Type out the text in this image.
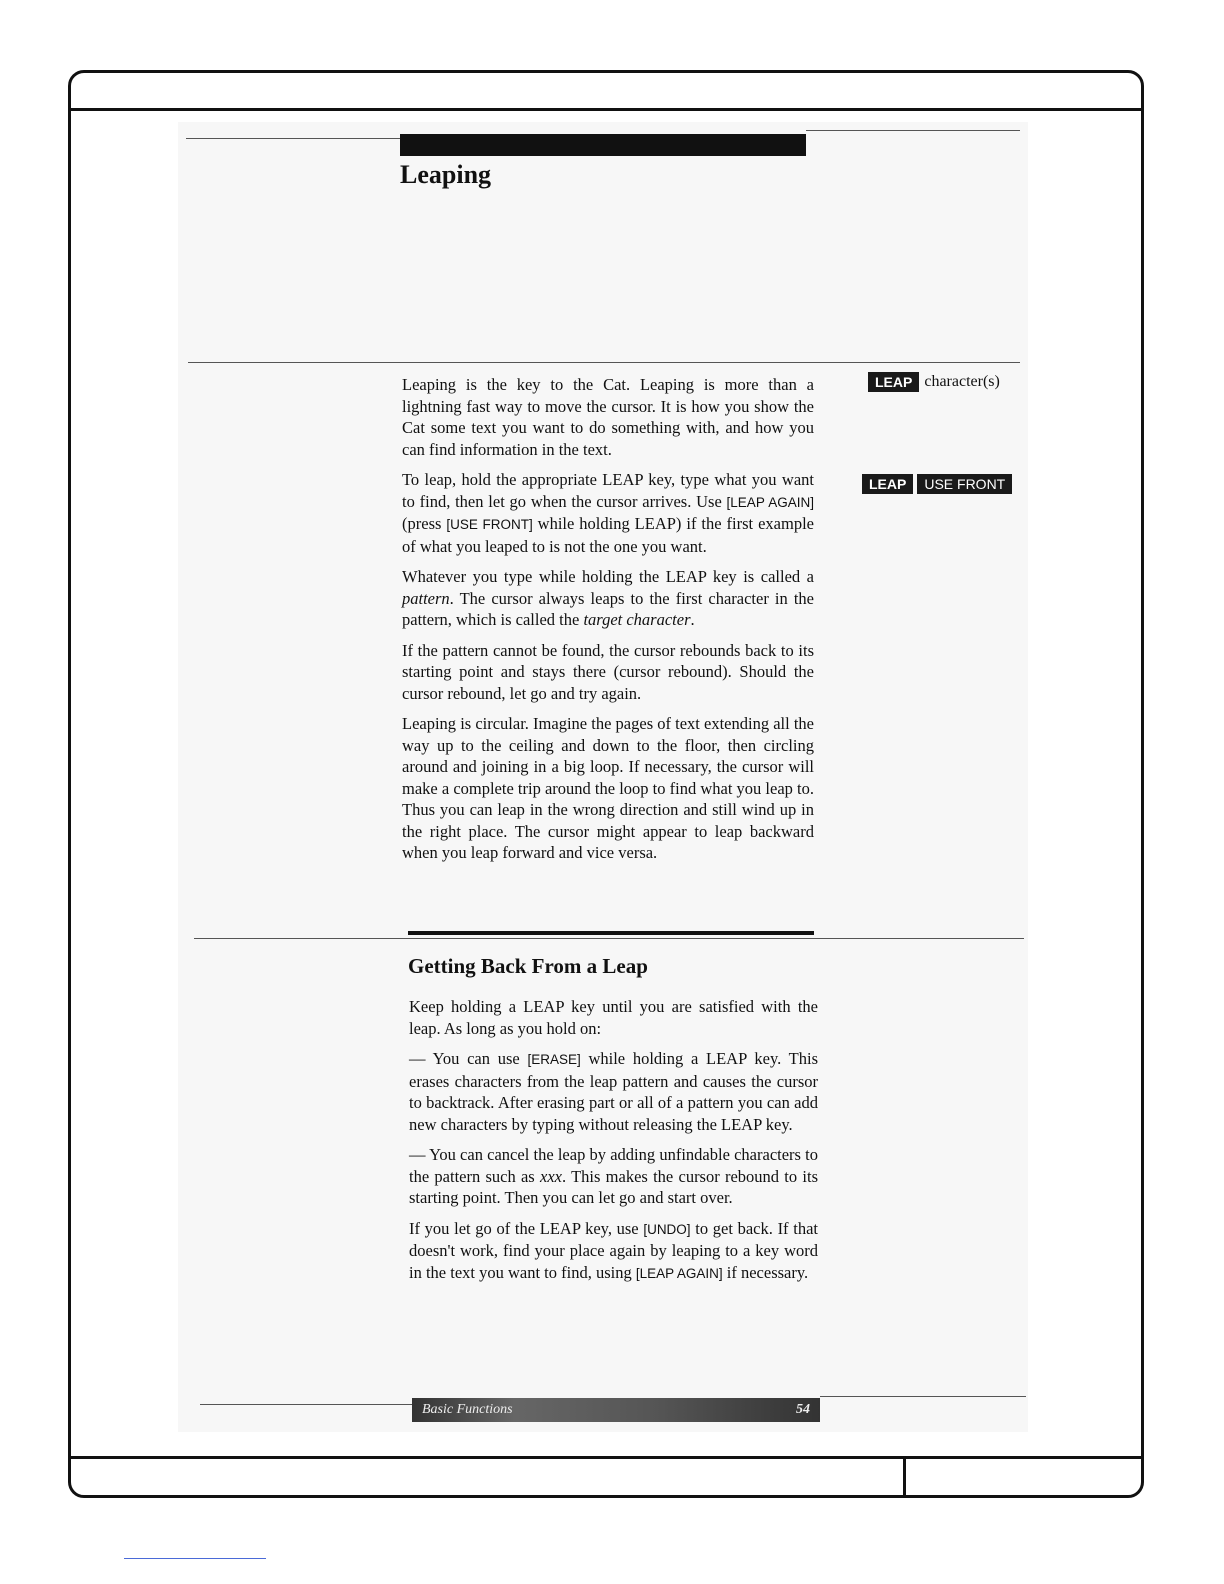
Leaping
LEAP character(s)
LEAP	USE FRONT

Leaping is the key to the Cat. Leaping is more than a lightning fast way to move the cursor. It is how you show the Cat some text you want to do something with, and how you can find information in the text.

To leap, hold the appropriate LEAP key, type what you want to find, then let go when the cursor arrives. Use [LEAP AGAIN] (press [USE FRONT] while holding LEAP) if the first example of what you leaped to is not the one you want.

Whatever you type while holding the LEAP key is called a pattern. The cursor always leaps to the first character in the pattern, which is called the target character.

If the pattern cannot be found, the cursor rebounds back to its starting point and stays there (cursor rebound). Should the cursor rebound, let go and try again.

Leaping is circular. Imagine the pages of text extending all the way up to the ceiling and down to the floor, then circling around and joining in a big loop. If necessary, the cursor will make a complete trip around the loop to find what you leap to. Thus you can leap in the wrong direction and still wind up in the right place. The cursor might appear to leap backward when you leap forward and vice versa.

Getting Back From a Leap

Keep holding a LEAP key until you are satisfied with the leap. As long as you hold on:

— You can use [ERASE] while holding a LEAP key. This erases characters from the leap pattern and causes the cursor to backtrack. After erasing part or all of a pattern you can add new characters by typing without releasing the LEAP key.

— You can cancel the leap by adding unfindable characters to the pattern such as xxx. This makes the cursor rebound to its starting point. Then you can let go and start over.

If you let go of the LEAP key, use [UNDO] to get back. If that doesn't work, find your place again by leaping to a key word in the text you want to find, using [LEAP AGAIN] if necessary.

Basic Functions	54
